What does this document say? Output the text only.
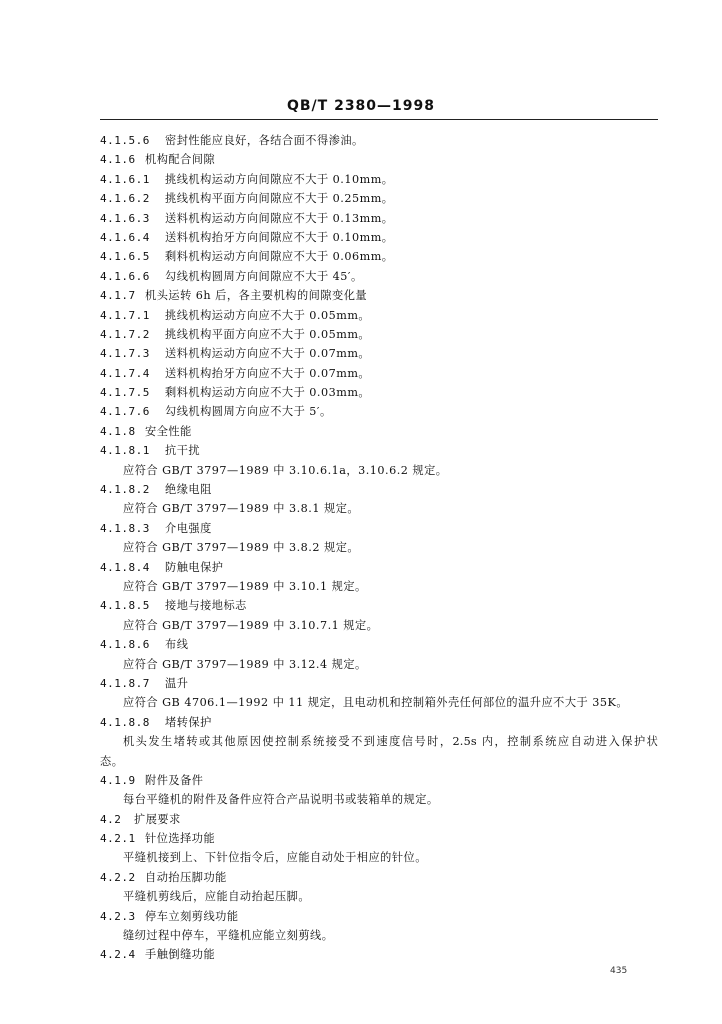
QB/T 2380—1998
4.1.5.6 密封性能应良好，各结合面不得渗油。
4.1.6 机构配合间隙
4.1.6.1 挑线机构运动方向间隙应不大于 0.10mm。
4.1.6.2 挑线机构平面方向间隙应不大于 0.25mm。
4.1.6.3 送料机构运动方向间隙应不大于 0.13mm。
4.1.6.4 送料机构抬牙方向间隙应不大于 0.10mm。
4.1.6.5 剩料机构运动方向间隙应不大于 0.06mm。
4.1.6.6 勾线机构圆周方向间隙应不大于 45′。
4.1.7 机头运转 6h 后，各主要机构的间隙变化量
4.1.7.1 挑线机构运动方向应不大于 0.05mm。
4.1.7.2 挑线机构平面方向应不大于 0.05mm。
4.1.7.3 送料机构运动方向应不大于 0.07mm。
4.1.7.4 送料机构抬牙方向应不大于 0.07mm。
4.1.7.5 剩料机构运动方向应不大于 0.03mm。
4.1.7.6 勾线机构圆周方向应不大于 5′。
4.1.8 安全性能
4.1.8.1 抗干扰
应符合 GB/T 3797—1989 中 3.10.6.1a，3.10.6.2 规定。
4.1.8.2 绝缘电阻
应符合 GB/T 3797—1989 中 3.8.1 规定。
4.1.8.3 介电强度
应符合 GB/T 3797—1989 中 3.8.2 规定。
4.1.8.4 防触电保护
应符合 GB/T 3797—1989 中 3.10.1 规定。
4.1.8.5 接地与接地标志
应符合 GB/T 3797—1989 中 3.10.7.1 规定。
4.1.8.6 布线
应符合 GB/T 3797—1989 中 3.12.4 规定。
4.1.8.7 温升
应符合 GB 4706.1—1992 中 11 规定，且电动机和控制箱外壳任何部位的温升应不大于 35K。
4.1.8.8 堵转保护
机头发生堵转或其他原因使控制系统接受不到速度信号时，2.5s 内，控制系统应自动进入保护状
态。
4.1.9 附件及备件
每台平缝机的附件及备件应符合产品说明书或装箱单的规定。
4.2 扩展要求
4.2.1 针位选择功能
平缝机接到上、下针位指令后，应能自动处于相应的针位。
4.2.2 自动抬压脚功能
平缝机剪线后，应能自动抬起压脚。
4.2.3 停车立刻剪线功能
缝纫过程中停车，平缝机应能立刻剪线。
4.2.4 手触倒缝功能
435
